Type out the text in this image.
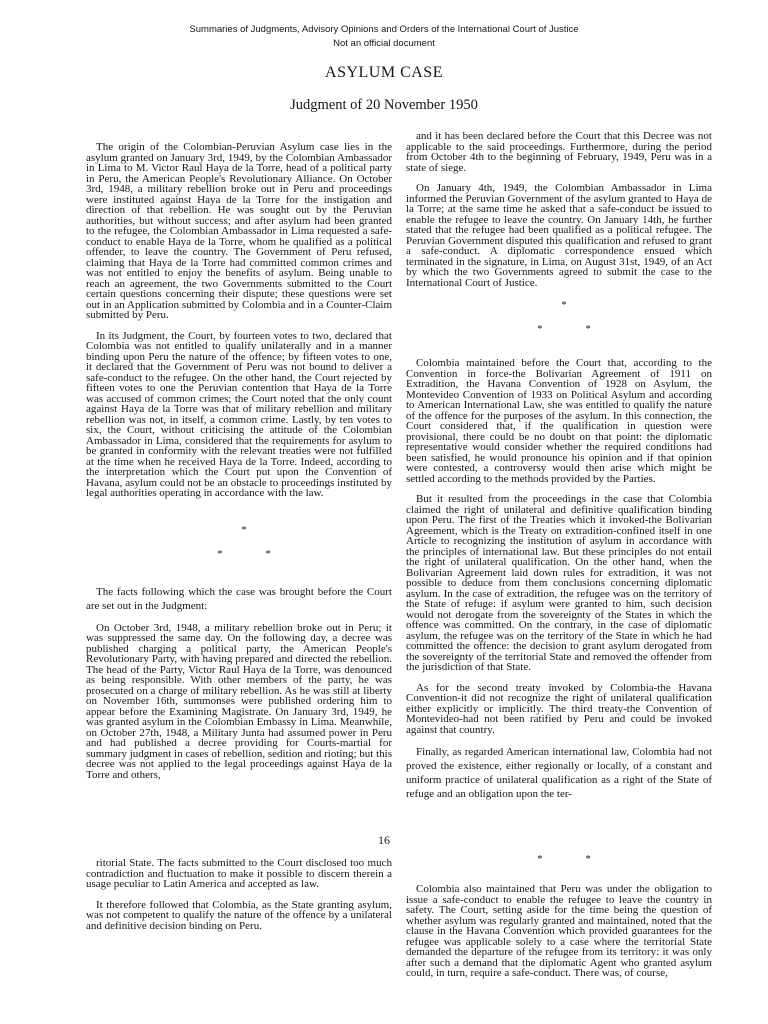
Summaries of Judgments, Advisory Opinions and Orders of the International Court of Justice
Not an official document
ASYLUM CASE
Judgment of 20 November 1950

The origin of the Colombian-Peruvian Asylum case lies in the asylum granted on January 3rd, 1949, by the Colombian Ambassador in Lima to M. Victor Raul Haya de la Torre, head of a political party in Peru, the American People's Revolutionary Alliance. On October 3rd, 1948, a military rebellion broke out in Peru and proceedings were instituted against Haya de la Torre for the instigation and direction of that rebellion. He was sought out by the Peruvian authorities, but without success; and after asylum had been granted to the refugee, the Colombian Ambassador in Lima requested a safe-conduct to enable Haya de la Torre, whom he qualified as a political offender, to leave the country. The Government of Peru refused, claiming that Haya de la Torre had committed common crimes and was not entitled to enjoy the benefits of asylum. Being unable to reach an agreement, the two Governments submitted to the Court certain questions concerning their dispute; these questions were set out in an Application submitted by Colombia and in a Counter-Claim submitted by Peru.

In its Judgment, the Court, by fourteen votes to two, declared that Colombia was not entitled to qualify unilaterally and in a manner binding upon Peru the nature of the offence; by fifteen votes to one, it declared that the Government of Peru was not bound to deliver a safe-conduct to the refugee. On the other hand, the Court rejected by fifteen votes to one the Peruvian contention that Haya de la Torre was accused of common crimes; the Court noted that the only count against Haya de la Torre was that of military rebellion and military rebellion was not, in itself, a common crime. Lastly, by ten votes to six, the Court, without criticising the attitude of the Colombian Ambassador in Lima, considered that the requirements for asylum to be granted in conformity with the relevant treaties were not fulfilled at the time when he received Haya de la Torre. Indeed, according to the interpretation which the Court put upon the Convention of Havana, asylum could not be an obstacle to proceedings instituted by legal authorities operating in accordance with the law.

*

* *

The facts following which the case was brought before the Court are set out in the Judgment:

On October 3rd, 1948, a military rebellion broke out in Peru; it was suppressed the same day. On the following day, a decree was published charging a political party, the American People's Revolutionary Party, with having prepared and directed the rebellion. The head of the Party, Victor Raul Haya de la Torre, was denounced as being responsible. With other members of the party, he was prosecuted on a charge of military rebellion. As he was still at liberty on November 16th, summonses were published ordering him to appear before the Examining Magistrate. On January 3rd, 1949, he was granted asylum in the Colombian Embassy in Lima. Meanwhile, on October 27th, 1948, a Military Junta had assumed power in Peru and had published a decree providing for Courts-martial for summary judgment in cases of rebellion, sedition and rioting; but this decree was not applied to the legal proceedings against Haya de la Torre and others,

and it has been declared before the Court that this Decree was not applicable to the said proceedings. Furthermore, during the period from October 4th to the beginning of February, 1949, Peru was in a state of siege.

On January 4th, 1949, the Colombian Ambassador in Lima informed the Peruvian Government of the asylum granted to Haya de la Torre; at the same time he asked that a safe-conduct be issued to enable the refugee to leave the country. On January 14th, he further stated that the refugee had been qualified as a political refugee. The Peruvian Government disputed this qualification and refused to grant a safe-conduct. A diplomatic correspondence ensued which terminated in the signature, in Lima, on August 31st, 1949, of an Act by which the two Governments agreed to submit the case to the International Court of Justice.

*

* *

Colombia maintained before the Court that, according to the Convention in force-the Bolivarian Agreement of 1911 on Extradition, the Havana Convention of 1928 on Asylum, the Montevideo Convention of 1933 on Political Asylum and according to American International Law, she was entitled to qualify the nature of the offence for the purposes of the asylum. In this connection, the Court considered that, if the qualification in question were provisional, there could be no doubt on that point: the diplomatic representative would consider whether the required conditions had been satisfied, he would pronounce his opinion and if that opinion were contested, a controversy would then arise which might be settled according to the methods provided by the Parties.

But it resulted from the proceedings in the case that Colombia claimed the right of unilateral and definitive qualification binding upon Peru. The first of the Treaties which it invoked-the Bolivarian Agreement, which is the Treaty on extradition-confined itself in one Article to recognizing the institution of asylum in accordance with the principles of international law. But these principles do not entail the right of unilateral qualification. On the other hand, when the Bolivarian Agreement laid down rules for extradition, it was not possible to deduce from them conclusions concerning diplomatic asylum. In the case of extradition, the refugee was on the territory of the State of refuge: if asylum were granted to him, such decision would not derogate from the sovereignty of the States in which the offence was committed. On the contrary, in the case of diplomatic asylum, the refugee was on the territory of the State in which he had committed the offence: the decision to grant asylum derogated from the sovereignty of the territorial State and removed the offender from the jurisdiction of that State.

As for the second treaty invoked by Colombia-the Havana Convention-it did not recognize the right of unilateral qualification either explicitly or implicitly. The third treaty-the Convention of Montevideo-had not been ratified by Peru and could be invoked against that country.

Finally, as regarded American international law, Colombia had not proved the existence, either regionally or locally, of a constant and uniform practice of unilateral qualification as a right of the State of refuge and an obligation upon the ter-

16

ritorial State. The facts submitted to the Court disclosed too much contradiction and fluctuation to make it possible to discern therein a usage peculiar to Latin America and accepted as law.

It therefore followed that Colombia, as the State granting asylum, was not competent to qualify the nature of the offence by a unilateral and definitive decision binding on Peru.

* *

Colombia also maintained that Peru was under the obligation to issue a safe-conduct to enable the refugee to leave the country in safety. The Court, setting aside for the time being the question of whether asylum was regularly granted and maintained, noted that the clause in the Havana Convention which provided guarantees for the refugee was applicable solely to a case where the territorial State demanded the departure of the refugee from its territory: it was only after such a demand that the diplomatic Agent who granted asylum could, in turn, require a safe-conduct. There was, of course,
